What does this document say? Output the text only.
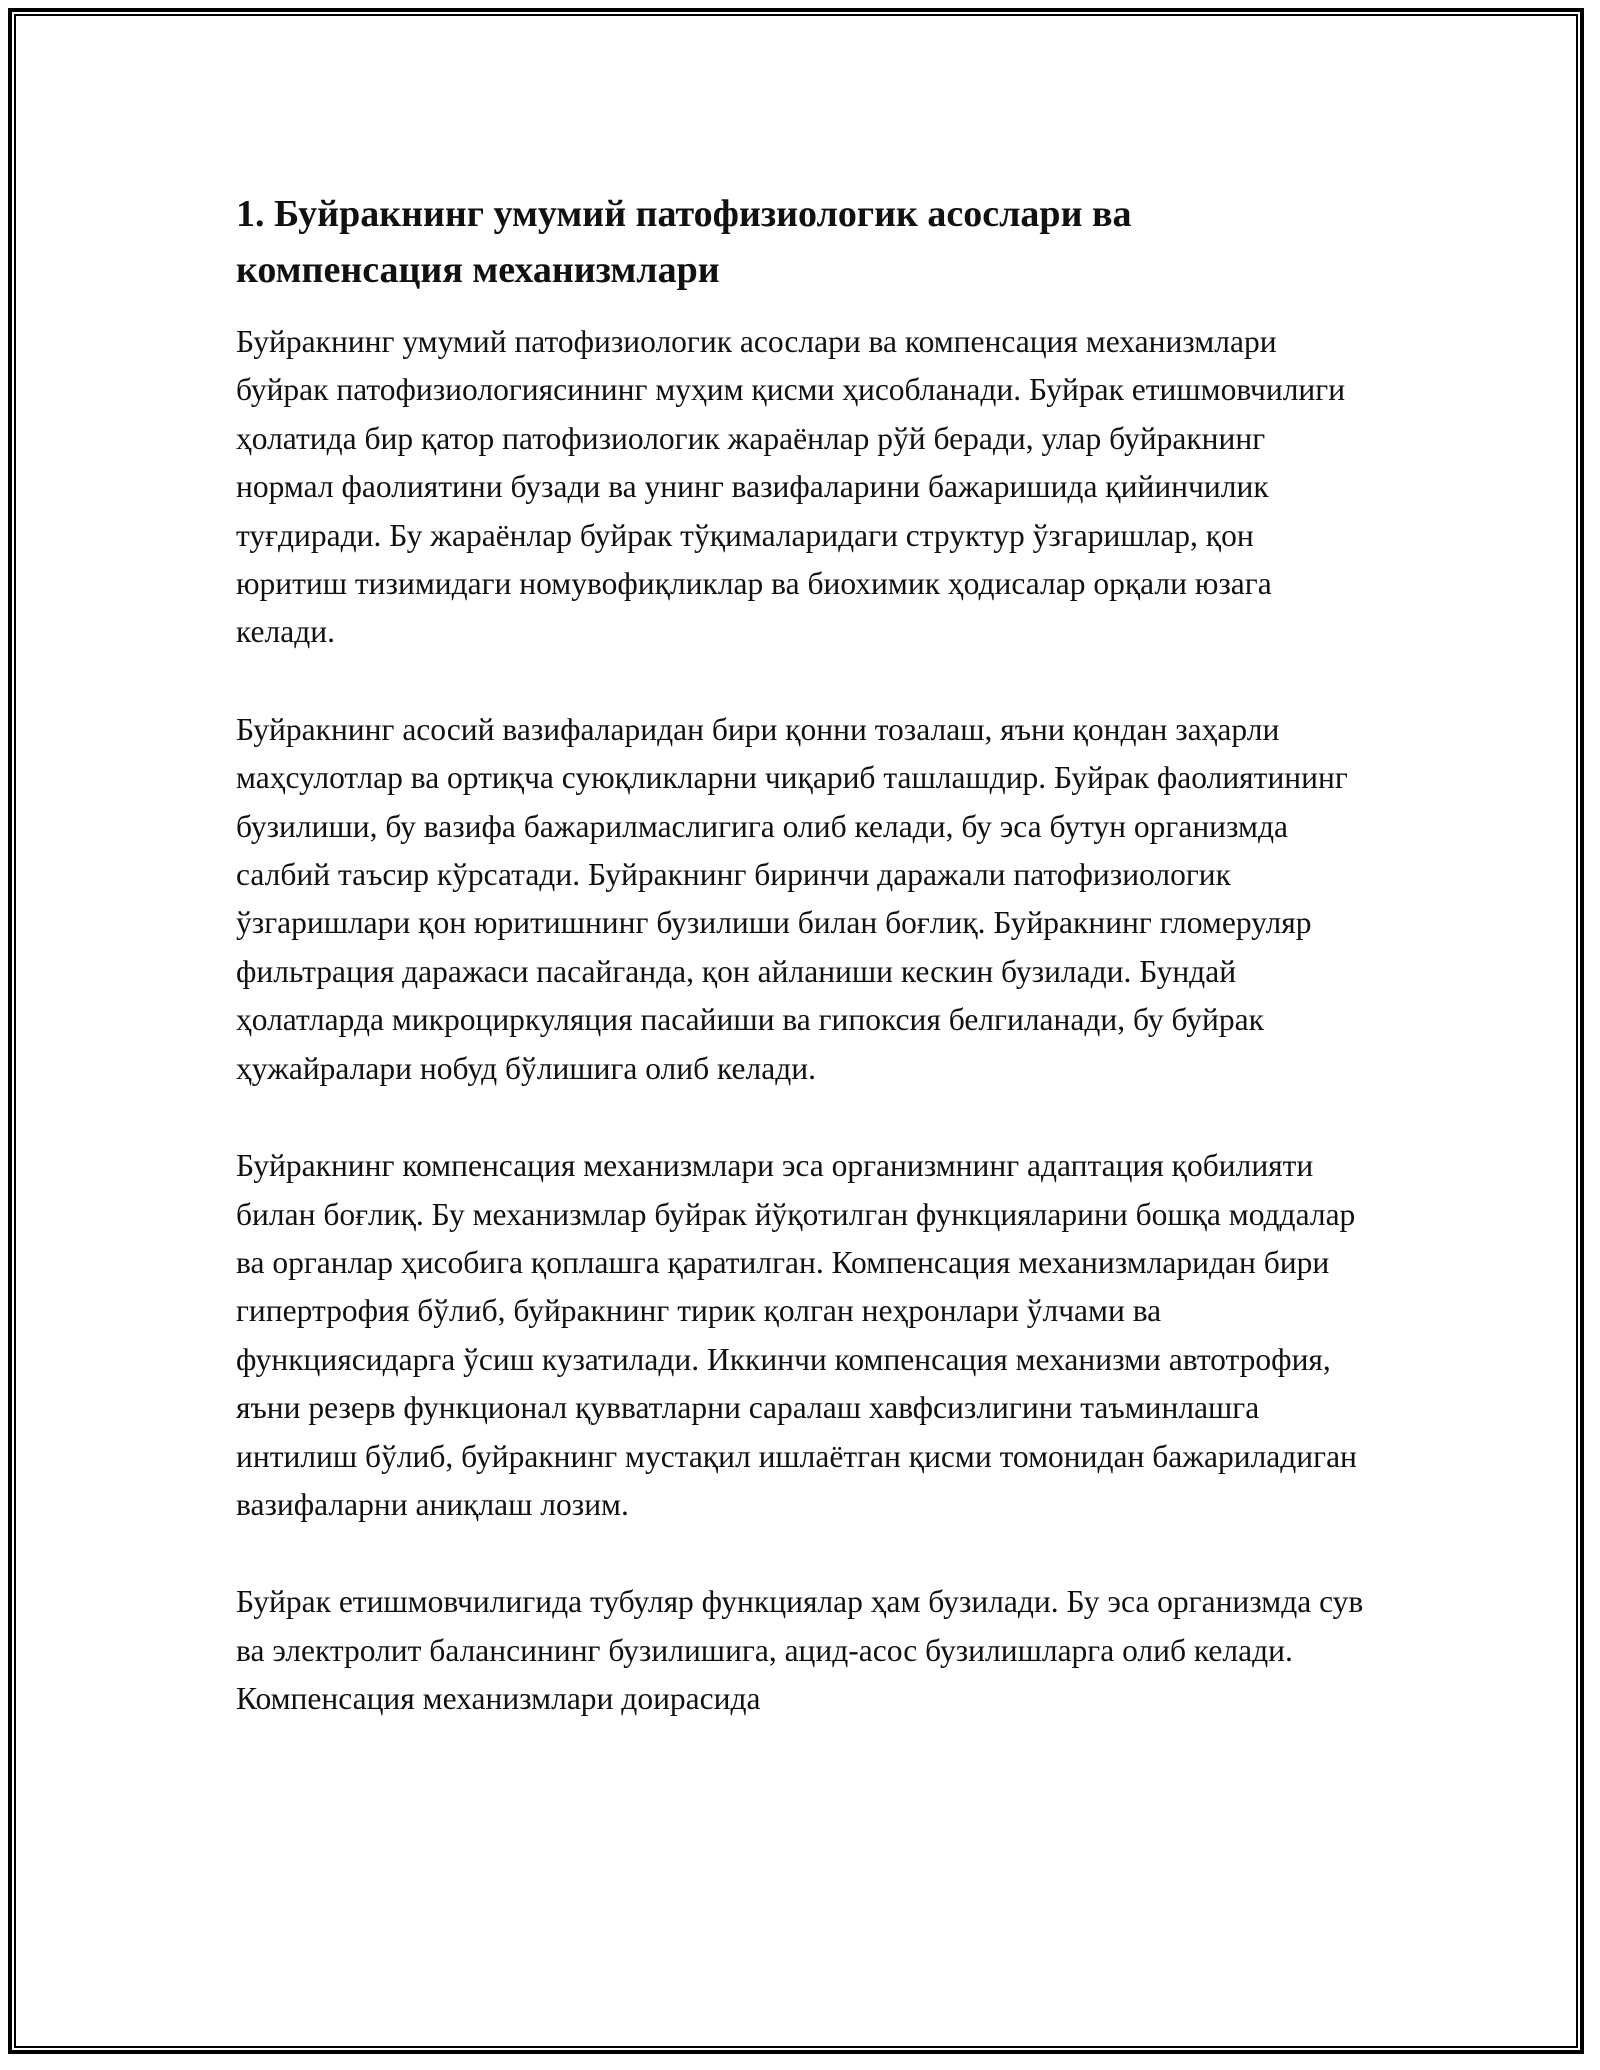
1. Буйракнинг умумий патофизиологик асослари ва компенсация механизмлари

Буйракнинг умумий патофизиологик асослари ва компенсация механизмлари буйрак патофизиологиясининг муҳим қисми ҳисобланади. Буйрак етишмовчилиги ҳолатида бир қатор патофизиологик жараёнлар рўй беради, улар буйракнинг нормал фаолиятини бузади ва унинг вазифаларини бажаришида қийинчилик туғдиради. Бу жараёнлар буйрак тўқималаридаги структур ўзгаришлар, қон юритиш тизимидаги номувофиқликлар ва биохимик ҳодисалар орқали юзага келади.

Буйракнинг асосий вазифаларидан бири қонни тозалаш, яъни қондан заҳарли маҳсулотлар ва ортиқча суюқликларни чиқариб ташлашдир. Буйрак фаолиятининг бузилиши, бу вазифа бажарилмаслигига олиб келади, бу эса бутун организмда салбий таъсир кўрсатади. Буйракнинг биринчи даражали патофизиологик ўзгаришлари қон юритишнинг бузилиши билан боғлиқ. Буйракнинг гломеруляр фильтрация даражаси пасайганда, қон айланиши кескин бузилади. Бундай ҳолатларда микроциркуляция пасайиши ва гипоксия белгиланади, бу буйрак ҳужайралари нобуд бўлишига олиб келади.

Буйракнинг компенсация механизмлари эса организмнинг адаптация қобилияти билан боғлиқ. Бу механизмлар буйрак йўқотилган функцияларини бошқа моддалар ва органлар ҳисобига қоплашга қаратилган. Компенсация механизмларидан бири гипертрофия бўлиб, буйракнинг тирик қолган неҳронлари ўлчами ва функциясидарга ўсиш кузатилади. Иккинчи компенсация механизми автотрофия, яъни резерв функционал қувватларни саралаш хавфсизлигини таъминлашга интилиш бўлиб, буйракнинг мустақил ишлаётган қисми томонидан бажариладиган вазифаларни аниқлаш лозим.

Буйрак етишмовчилигида тубуляр функциялар ҳам бузилади. Бу эса организмда сув ва электролит балансининг бузилишига, ацид-асос бузилишларга олиб келади. Компенсация механизмлари доирасида
